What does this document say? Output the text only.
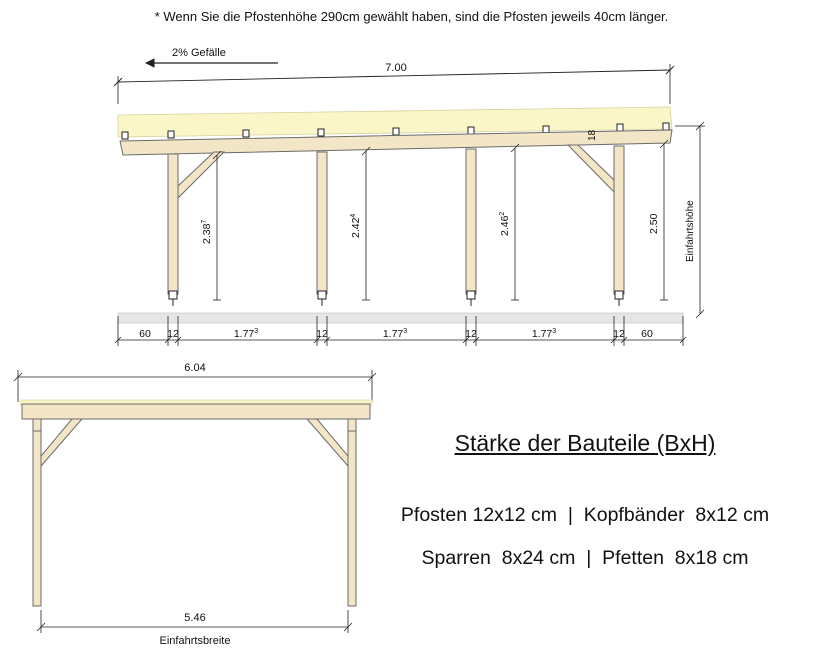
* Wenn Sie die Pfostenhöhe 290cm gewählt haben, sind die Pfosten jeweils 40cm länger.
2% Gefälle
7.00
18
2.38$^7$	2.42$^4$	2.46$^2$	2.50	Einfahrtshöhe
60 12	1.77$^3$	12	1.77$^3$	12	1.77$^3$	12 60
6.04
5.46
Einfahrtsbreite
Stärke der Bauteile (BxH)
Pfosten 12x12 cm  |  Kopfbänder  8x12 cm
Sparren  8x24 cm  |  Pfetten  8x18 cm
